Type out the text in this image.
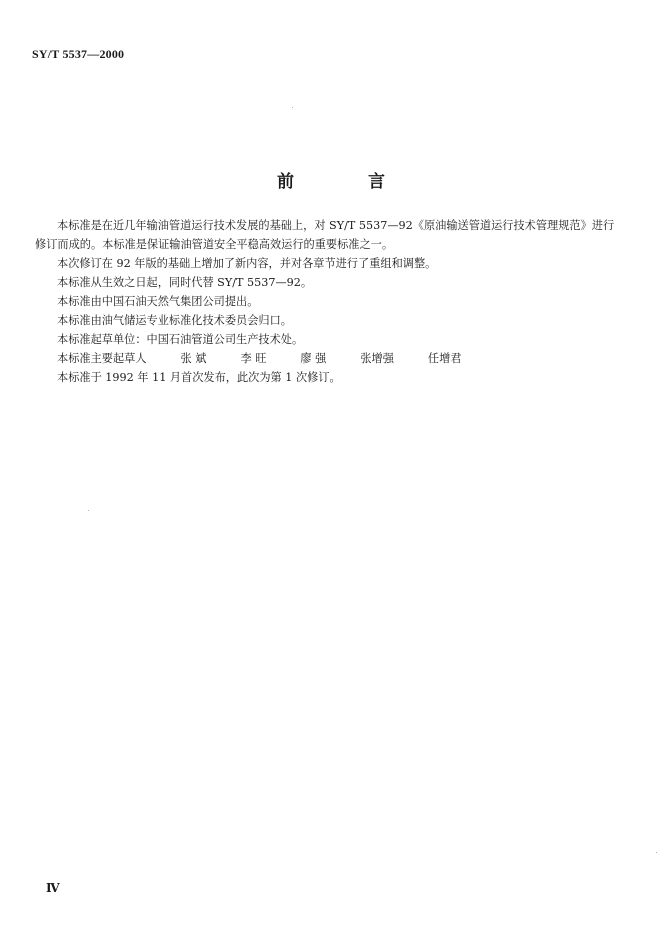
SY/T 5537—2000
前 言

本标准是在近几年输油管道运行技术发展的基础上，对 SY/T 5537—92《原油输送管道运行技术管理规范》进行修订而成的。本标准是保证输油管道安全平稳高效运行的重要标准之一。

本次修订在 92 年版的基础上增加了新内容，并对各章节进行了重组和调整。

本标准从生效之日起，同时代替 SY/T 5537—92。

本标准由中国石油天然气集团公司提出。

本标准由油气储运专业标准化技术委员会归口。

本标准起草单位：中国石油管道公司生产技术处。

本标准主要起草人	张 斌	李 旺	廖 强	张增强	任增君

本标准于 1992 年 11 月首次发布，此次为第 1 次修订。

Ⅳ
